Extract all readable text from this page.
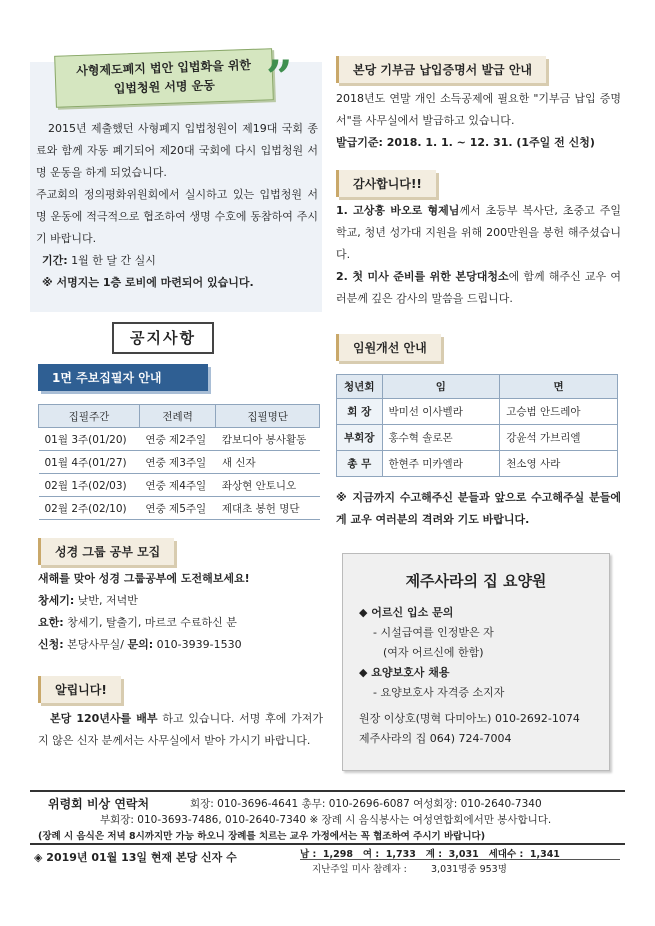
사형제도폐지 법안 입법화을 위한
입법청원 서명 운동	”

2015년 제출했던 사형폐지 입법청원이 제19대 국회 종료와 함께 자동 폐기되어 제20대 국회에 다시 입법청원 서명 운동을 하게 되었습니다.

주교회의 정의평화위원회에서 실시하고 있는 입법청원 서명 운동에 적극적으로 협조하여 생명 수호에 동참하여 주시기 바랍니다.

기간: 1월 한 달 간 실시

※ 서명지는 1층 로비에 마련되어 있습니다.

공지사항
1면 주보집필자 안내
집필주간	전례력	집필명단
01월 3주(01/20)	연중 제2주일	캄보디아 봉사활동
01월 4주(01/27)	연중 제3주일	새 신자
02월 1주(02/03)	연중 제4주일	좌상현 안토니오
02월 2주(02/10)	연중 제5주일	제대초 봉헌 명단
성경 그룹 공부 모집

새해를 맞아 성경 그룹공부에 도전해보세요!

창세기: 낮반, 저녁반

요한: 창세기, 탈출기, 마르코 수료하신 분

신청: 본당사무실/ 문의: 010-3939-1530

알립니다!

본당 120년사를 배부 하고 있습니다. 서명 후에 가져가지 않은 신자 분께서는 사무실에서 받아 가시기 바랍니다.

본당 기부금 납입증명서 발급 안내

2018년도 연말 개인 소득공제에 필요한 "기부금 납입 증명서"를 사무실에서 발급하고 있습니다.

발급기준: 2018. 1. 1. ~ 12. 31. (1주일 전 신청)

감사합니다!!

1. 고상흥 바오로 형제님께서 초등부 복사단, 초중고 주일학교, 청년 성가대 지원을 위해 200만원을 봉헌 해주셨습니다.

2. 첫 미사 준비를 위한 본당대청소에 함께 해주신 교우 여러분께 깊은 감사의 말씀을 드립니다.

임원개선 안내
청년회	임	면
회 장	박미선 이사벨라	고승범 안드레아
부회장	홍수혁 솔로몬	강윤석 가브리엘
총 무	한현주 미카엘라	천소영 사라

※ 지금까지 수고해주신 분들과 앞으로 수고해주실 분들에게 교우 여러분의 격려와 기도 바랍니다.

제주사라의 집 요양원
◆ 어르신 입소 문의
- 시설급여를 인정받은 자
(여자 어르신에 한함)
◆ 요양보호사 채용
- 요양보호사 자격증 소지자
원장 이상호(명혁 다미아노) 010-2692-1074
제주사라의 집 064) 724-7004
위령회 비상 연락처	회장: 010-3696-4641 총무: 010-2696-6087 여성회장: 010-2640-7340
부회장: 010-3693-7486, 010-2640-7340 ※ 장례 시 음식봉사는 여성연합회에서만 봉사합니다.
(장례 시 음식은 저녁 8시까지만 가능 하오니 장례를 치르는 교우 가정에서는 꼭 협조하여 주시기 바랍니다)
◈ 2019년 01월 13일 현재 본당 신자 수	남 :  1,298   여 :  1,733   계 :  3,031   세대수 :  1,341
지난주일 미사 참례자 :        3,031명중 953명
